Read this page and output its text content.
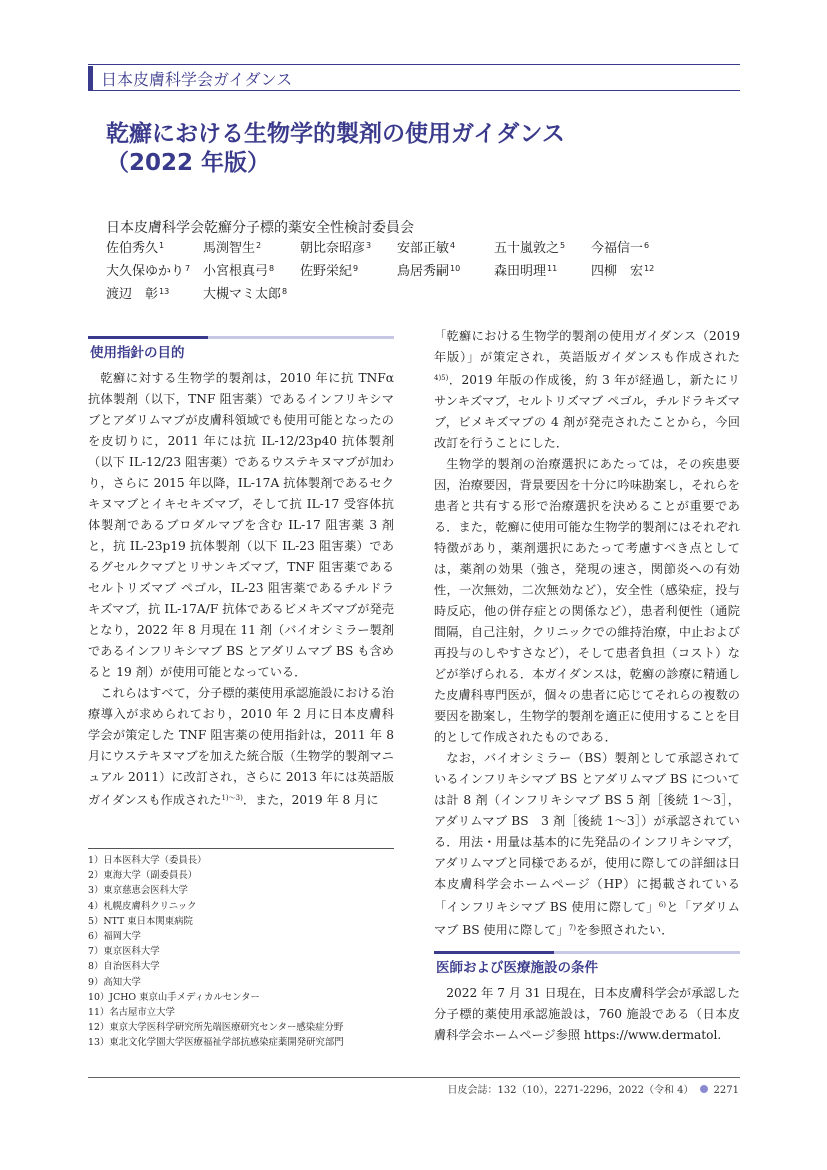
日本皮膚科学会ガイダンス
乾癬における生物学的製剤の使用ガイダンス
（2022 年版）
日本皮膚科学会乾癬分子標的薬安全性検討委員会
佐伯秀久$^1$	馬渕智生$^2$	朝比奈昭彦$^3$ 安部正敏$^4$	五十嵐敦之$^5$ 今福信一$^6$
大久保ゆかり$^7$ 小宮根真弓$^8$ 佐野栄紀$^9$	鳥居秀嗣$^{10}$	森田明理$^{11}$	四柳　宏$^{12}$
渡辺　彰$^{13}$	大槻マミ太郎$^8$
使用指針の目的

乾癬に対する生物学的製剤は，2010 年に抗 TNFα 抗体製剤（以下，TNF 阻害薬）であるインフリキシマブとアダリムマブが皮膚科領域でも使用可能となったのを皮切りに，2011 年には抗 IL-12/23p40 抗体製剤（以下 IL-12/23 阻害薬）であるウステキヌマブが加わり，さらに 2015 年以降，IL-17A 抗体製剤であるセクキヌマブとイキセキズマブ，そして抗 IL-17 受容体抗体製剤であるブロダルマブを含む IL-17 阻害薬 3 剤と，抗 IL-23p19 抗体製剤（以下 IL-23 阻害薬）であるグセルクマブとリサンキズマブ，TNF 阻害薬であるセルトリズマブ ペゴル，IL-23 阻害薬であるチルドラキズマブ，抗 IL-17A/F 抗体であるビメキズマブが発売となり，2022 年 8 月現在 11 剤（バイオシミラー製剤であるインフリキシマブ BS とアダリムマブ BS も含めると 19 剤）が使用可能となっている．

これらはすべて，分子標的薬使用承認施設における治療導入が求められており，2010 年 2 月に日本皮膚科学会が策定した TNF 阻害薬の使用指針は，2011 年 8 月にウステキヌマブを加えた統合版（生物学的製剤マニュアル 2011）に改訂され，さらに 2013 年には英語版ガイダンスも作成された$^{1)\sim 3)}$．また，2019 年 8 月に

1）日本医科大学（委員長）
2）東海大学（副委員長）
3）東京慈恵会医科大学
4）札幌皮膚科クリニック
5）NTT 東日本関東病院
6）福岡大学
7）東京医科大学
8）自治医科大学
9）高知大学
10）JCHO 東京山手メディカルセンター
11）名古屋市立大学
12）東京大学医科学研究所先端医療研究センター感染症分野
13）東北文化学園大学医療福祉学部抗感染症薬開発研究部門

「乾癬における生物学的製剤の使用ガイダンス（2019 年版）」が策定され，英語版ガイダンスも作成された$^{4)5)}$．2019 年版の作成後，約 3 年が経過し，新たにリサンキズマブ，セルトリズマブ ペゴル，チルドラキズマブ，ビメキズマブの 4 剤が発売されたことから，今回改訂を行うことにした．

生物学的製剤の治療選択にあたっては，その疾患要因，治療要因，背景要因を十分に吟味勘案し，それらを患者と共有する形で治療選択を決めることが重要である．また，乾癬に使用可能な生物学的製剤にはそれぞれ特徴があり，薬剤選択にあたって考慮すべき点としては，薬剤の効果（強さ，発現の速さ，関節炎への有効性，一次無効，二次無効など），安全性（感染症，投与時反応，他の併存症との関係など），患者利便性（通院間隔，自己注射，クリニックでの維持治療，中止および再投与のしやすさなど），そして患者負担（コスト）などが挙げられる．本ガイダンスは，乾癬の診療に精通した皮膚科専門医が，個々の患者に応じてそれらの複数の要因を勘案し，生物学的製剤を適正に使用することを目的として作成されたものである．

なお，バイオシミラー（BS）製剤として承認されているインフリキシマブ BS とアダリムマブ BS については計 8 剤（インフリキシマブ BS 5 剤［後続 1～3］，アダリムマブ BS　3 剤［後続 1～3］）が承認されている．用法・用量は基本的に先発品のインフリキシマブ，アダリムマブと同様であるが，使用に際しての詳細は日本皮膚科学会ホームページ（HP）に掲載されている「インフリキシマブ BS 使用に際して」$^{6)}$と「アダリムマブ BS 使用に際して」$^{7)}$を参照されたい．

医師および医療施設の条件

2022 年 7 月 31 日現在，日本皮膚科学会が承認した分子標的薬使用承認施設は，760 施設である（日本皮膚科学会ホームページ参照 https://www.dermatol.

日皮会誌：132（10），2271-2296，2022（令和 4） 2271
